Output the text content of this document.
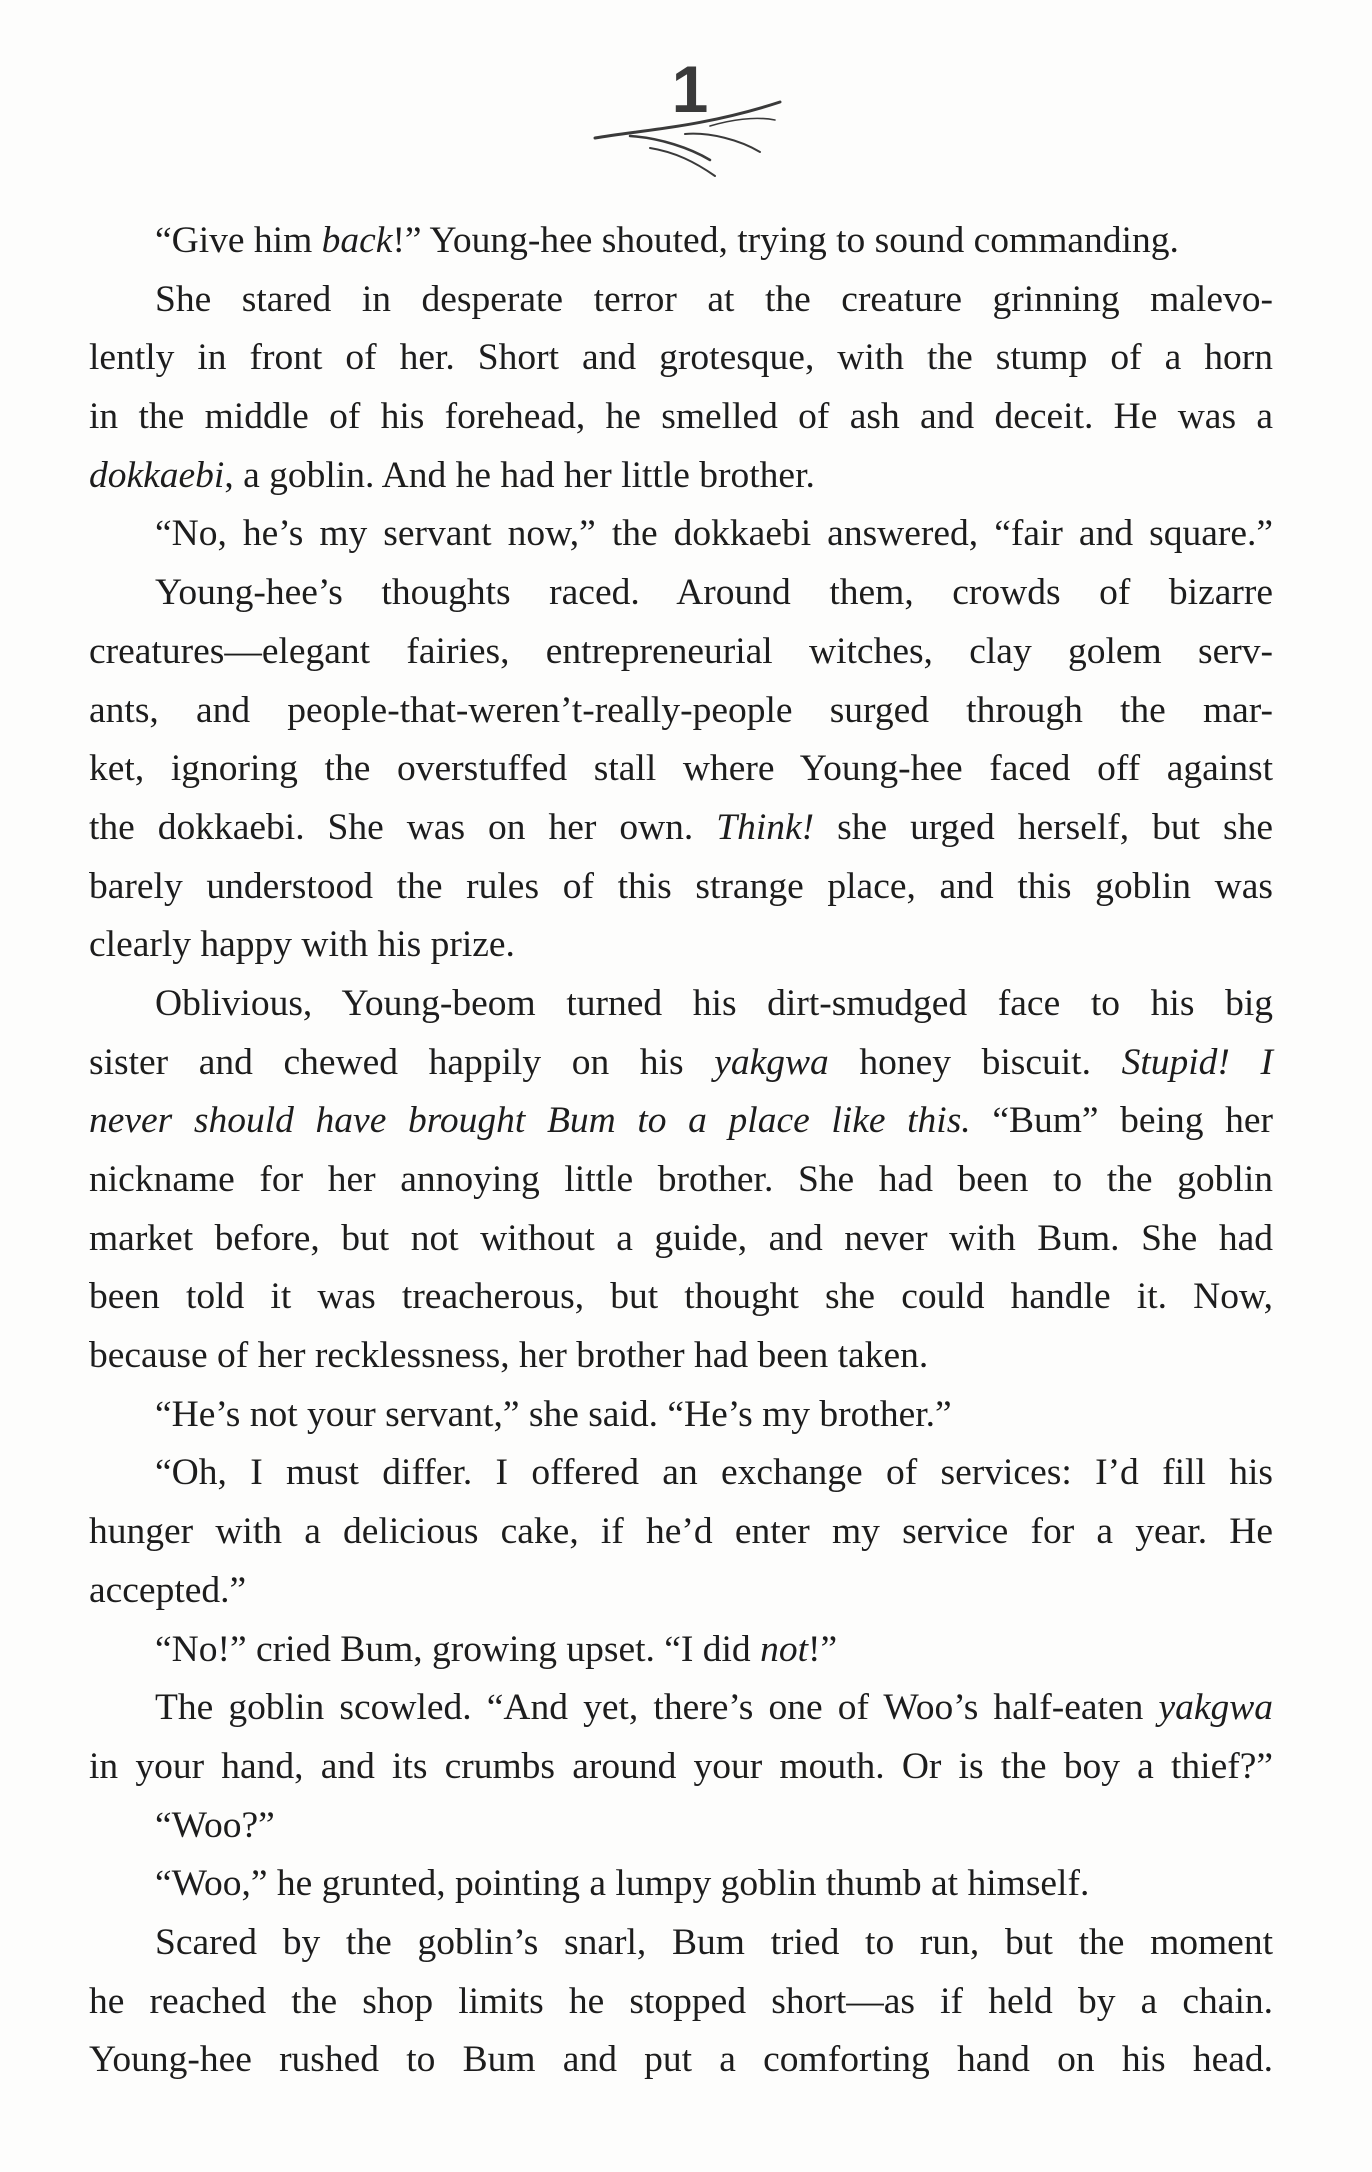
1
“Give him back!” Young-hee shouted, trying to sound commanding.
She stared in desperate terror at the creature grinning malevo-
lently in front of her. Short and grotesque, with the stump of a horn
in the middle of his forehead, he smelled of ash and deceit. He was a
dokkaebi, a goblin. And he had her little brother.
“No, he’s my servant now,” the dokkaebi answered, “fair and square.”
Young-hee’s thoughts raced. Around them, crowds of bizarre
creatures—elegant fairies, entrepreneurial witches, clay golem serv-
ants, and people-that-weren’t-really-people surged through the mar-
ket, ignoring the overstuffed stall where Young-hee faced off against
the dokkaebi. She was on her own. Think! she urged herself, but she
barely understood the rules of this strange place, and this goblin was
clearly happy with his prize.
Oblivious, Young-beom turned his dirt-smudged face to his big
sister and chewed happily on his yakgwa honey biscuit. Stupid! I
never should have brought Bum to a place like this. “Bum” being her
nickname for her annoying little brother. She had been to the goblin
market before, but not without a guide, and never with Bum. She had
been told it was treacherous, but thought she could handle it. Now,
because of her recklessness, her brother had been taken.
“He’s not your servant,” she said. “He’s my brother.”
“Oh, I must differ. I offered an exchange of services: I’d fill his
hunger with a delicious cake, if he’d enter my service for a year. He
accepted.”
“No!” cried Bum, growing upset. “I did not!”
The goblin scowled. “And yet, there’s one of Woo’s half-eaten yakgwa
in your hand, and its crumbs around your mouth. Or is the boy a thief?”
“Woo?”
“Woo,” he grunted, pointing a lumpy goblin thumb at himself.
Scared by the goblin’s snarl, Bum tried to run, but the moment
he reached the shop limits he stopped short—as if held by a chain.
Young-hee rushed to Bum and put a comforting hand on his head.
